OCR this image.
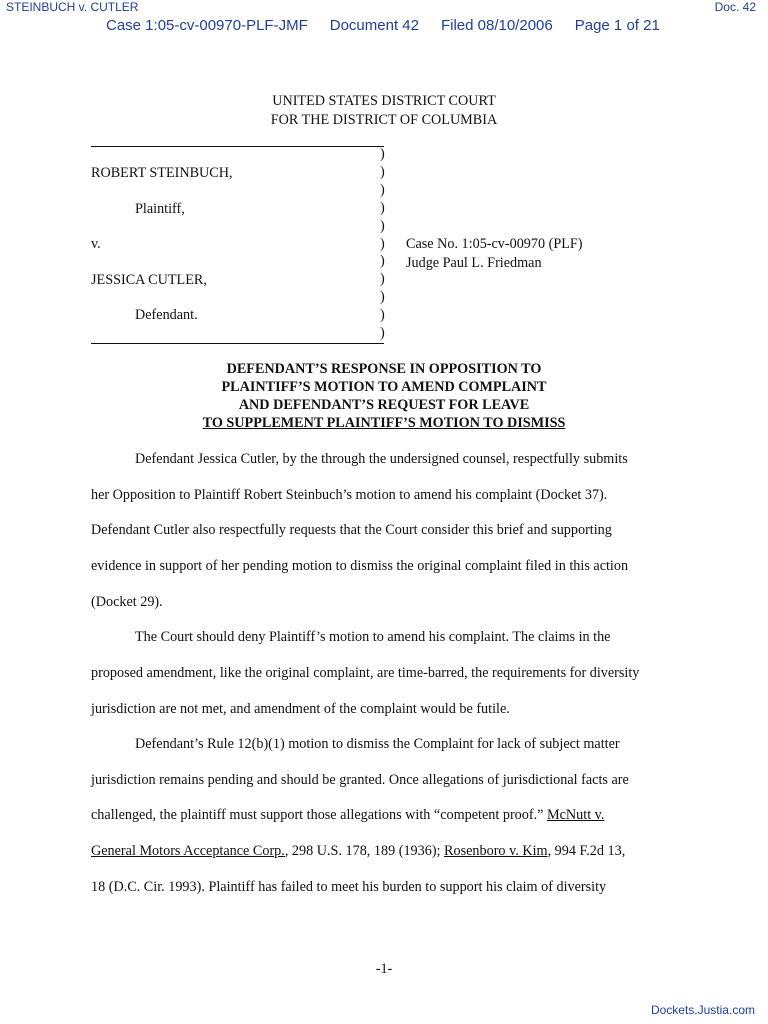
STEINBUCH v. CUTLER	Doc. 42
Case 1:05-cv-00970-PLF-JMF Document 42 Filed 08/10/2006 Page 1 of 21
UNITED STATES DISTRICT COURT
FOR THE DISTRICT OF COLUMBIA
)
)
)
)
)
)
)
)
)
)
)
ROBERT STEINBUCH,
Plaintiff,
v.	Case No. 1:05-cv-00970 (PLF)
Judge Paul L. Friedman
JESSICA CUTLER,
Defendant.
DEFENDANT’S RESPONSE IN OPPOSITION TO
PLAINTIFF’S MOTION TO AMEND COMPLAINT
AND DEFENDANT’S REQUEST FOR LEAVE
TO SUPPLEMENT PLAINTIFF’S MOTION TO DISMISS
Defendant Jessica Cutler, by the through the undersigned counsel, respectfully submits
her Opposition to Plaintiff Robert Steinbuch’s motion to amend his complaint (Docket 37).
Defendant Cutler also respectfully requests that the Court consider this brief and supporting
evidence in support of her pending motion to dismiss the original complaint filed in this action
(Docket 29).
The Court should deny Plaintiff’s motion to amend his complaint. The claims in the
proposed amendment, like the original complaint, are time-barred, the requirements for diversity
jurisdiction are not met, and amendment of the complaint would be futile.
Defendant’s Rule 12(b)(1) motion to dismiss the Complaint for lack of subject matter
jurisdiction remains pending and should be granted. Once allegations of jurisdictional facts are
challenged, the plaintiff must support those allegations with “competent proof.” McNutt v.
General Motors Acceptance Corp., 298 U.S. 178, 189 (1936); Rosenboro v. Kim, 994 F.2d 13,
18 (D.C. Cir. 1993). Plaintiff has failed to meet his burden to support his claim of diversity
-1-
Dockets.Justia.com
